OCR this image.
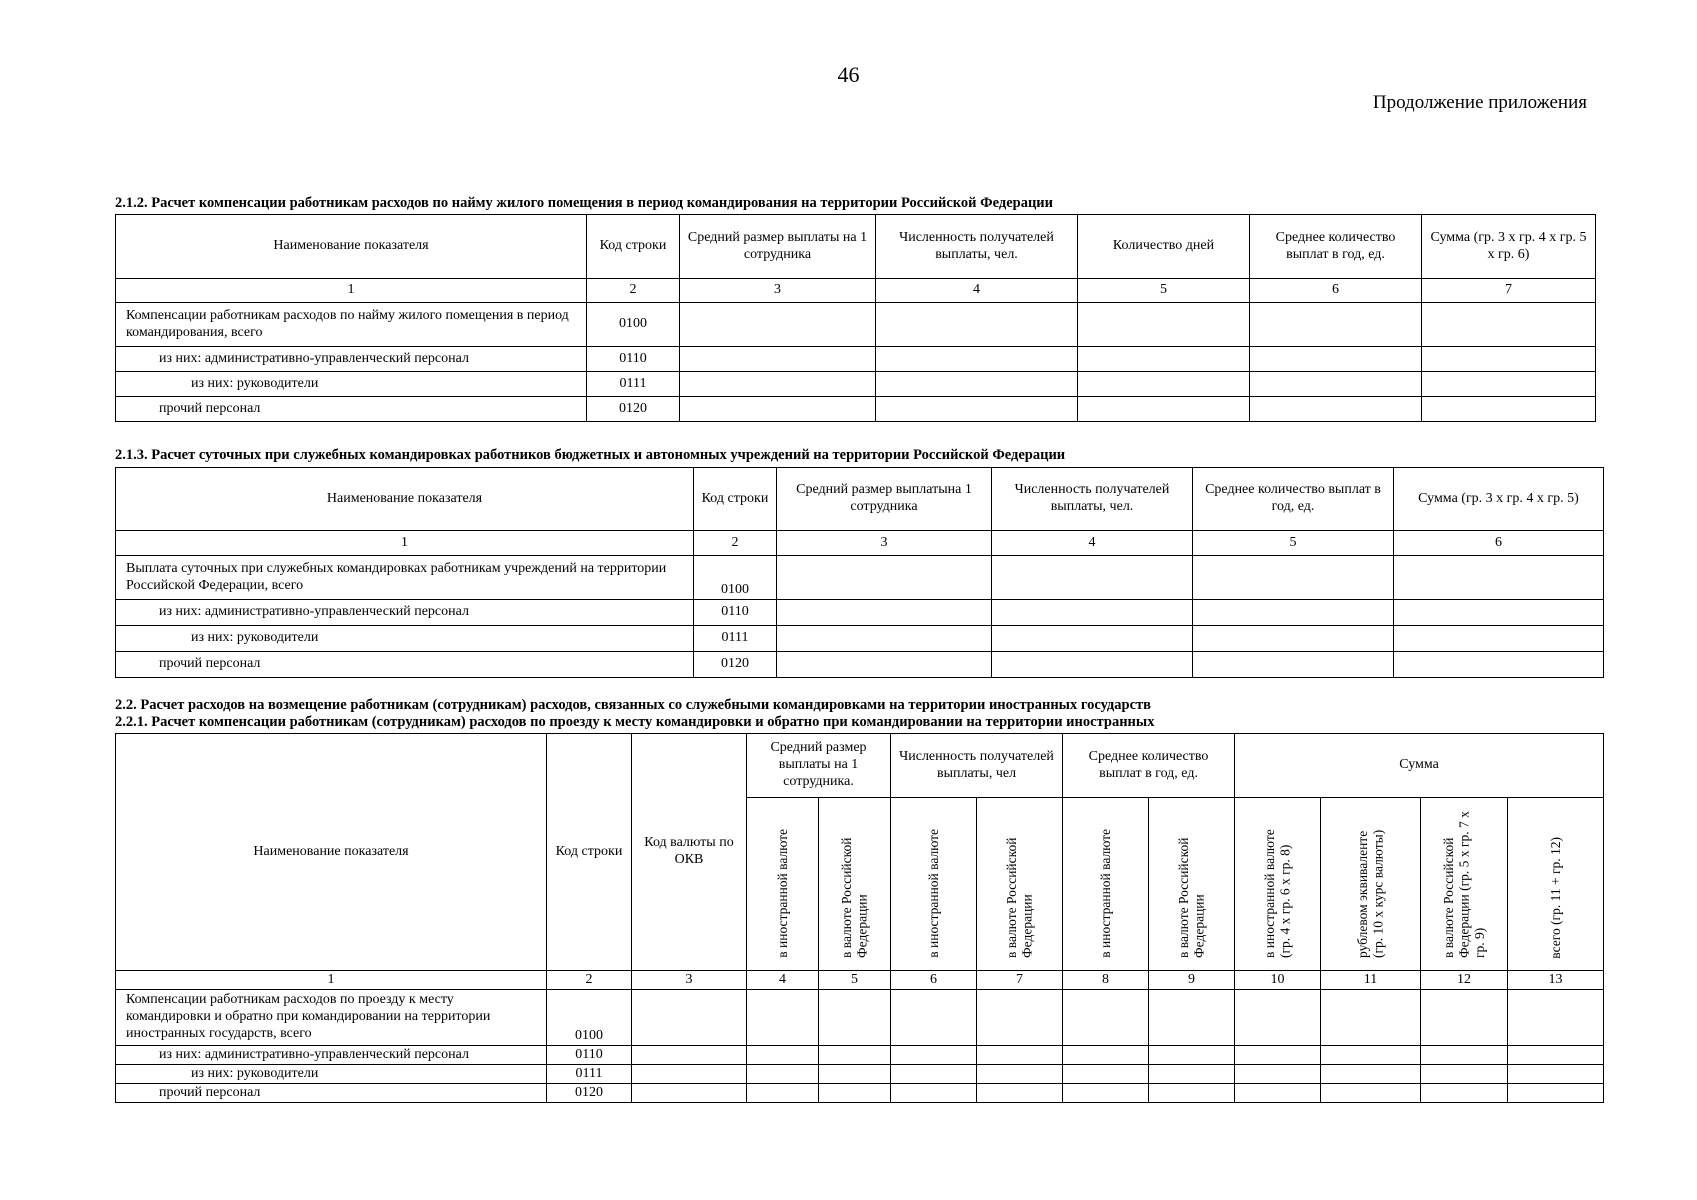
46
Продолжение приложения
2.1.2. Расчет компенсации работникам расходов по найму жилого помещения в период командирования на территории Российской Федерации
Наименование показателя	Код строки	Средний размер выплаты на 1 сотрудника	Численность получателей выплаты, чел.	Количество дней	Среднее количество выплат в год, ед.	Сумма (гр. 3 х гр. 4 х гр. 5 х гр. 6)
1	2	3	4	5	6	7
Компенсации работникам расходов по найму жилого помещения в период командирования, всего	0100					
из них: административно-управленческий персонал	0110					
из них: руководители	0111					
прочий персонал	0120					
2.1.3. Расчет суточных при служебных командировках работников бюджетных и автономных учреждений на территории Российской Федерации
Наименование показателя	Код строки	Средний размер выплатына 1 сотрудника	Численность получателей выплаты, чел.	Среднее количество выплат в год, ед.	Сумма (гр. 3 х гр. 4 х гр. 5)
1	2	3	4	5	6
Выплата суточных при служебных командировках работникам учреждений на территории Российской Федерации, всего	0100				
из них: административно-управленческий персонал	0110				
из них: руководители	0111				
прочий персонал	0120				
2.2. Расчет расходов на возмещение работникам (сотрудникам) расходов, связанных со служебными командировками на территории иностранных государств
2.2.1. Расчет компенсации работникам (сотрудникам) расходов по проезду к месту командировки и обратно при командировании на территории иностранных
Наименование показателя	Код строки	Код валюты по ОКВ	Средний размер выплаты на 1 сотрудника.		Численность получателей выплаты, чел		Среднее количество выплат в год, ед.		Сумма			
			в иностранной валюте	в валюте Российской Федерации	в иностранной валюте	в валюте Российской Федерации	в иностранной валюте	в валюте Российской Федерации	в иностранной валюте (гр. 4 х гр. 6 х гр. 8)	рублевом эквиваленте (гр. 10 х курс валюты)	в валюте Российской Федерации (гр. 5 х гр. 7 х гр. 9)	всего (гр. 11 + гр. 12)
1	2	3	4	5	6	7	8	9	10	11	12	13
Компенсации работникам расходов по проезду к месту командировки и обратно при командировании на территории иностранных государств, всего	0100											
из них: административно-управленческий персонал	0110											
из них: руководители	0111											
прочий персонал	0120											
